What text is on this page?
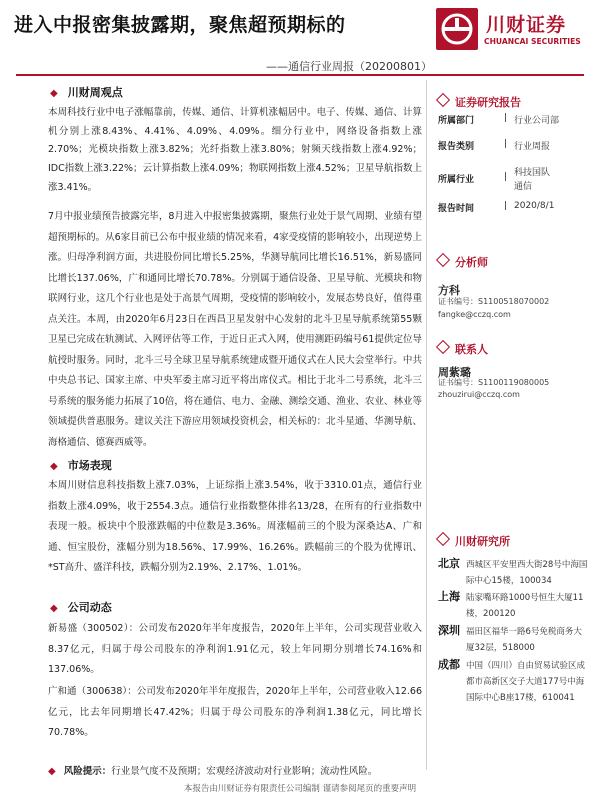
进入中报密集披露期，聚焦超预期标的
——通信行业周报（20200801）
川财证券
CHUANCAI SECURITIES
◆ 川财周观点
本周科技行业中电子涨幅靠前，传媒、通信、计算机涨幅居中。电子、传媒、通信、计算机分别上涨8.43%、4.41%、4.09%、4.09%。细分行业中，网络设备指数上涨2.70%；光模块指数上涨3.82%；光纤指数上涨3.80%；射频天线指数上涨4.92%；IDC指数上涨3.22%；云计算指数上涨4.09%；物联网指数上涨4.52%；卫星导航指数上涨3.41%。
7月中报业绩预告披露完毕，8月进入中报密集披露期，聚焦行业处于景气周期、业绩有望超预期标的。从6家目前已公布中报业绩的情况来看，4家受疫情的影响较小，出现逆势上涨。归母净利润方面，共进股份同比增长5.25%，华测导航同比增长16.51%，新易盛同比增长137.06%，广和通同比增长70.78%。分别属于通信设备、卫星导航、光模块和物联网行业，这几个行业也是处于高景气周期，受疫情的影响较小，发展态势良好，值得重点关注。本周，由2020年6月23日在西昌卫星发射中心发射的北斗卫星导航系统第55颗卫星已完成在轨测试、入网评估等工作，于近日正式入网，使用测距码编号61提供定位导航授时服务。同时，北斗三号全球卫星导航系统建成暨开通仪式在人民大会堂举行。中共中央总书记、国家主席、中央军委主席习近平将出席仪式。相比于北斗二号系统，北斗三号系统的服务能力拓展了10倍，将在通信、电力、金融、测绘交通、渔业、农业、林业等领域提供普惠服务。建议关注下游应用领域投资机会，相关标的：北斗星通、华测导航、海格通信、德赛西威等。
◆ 市场表现
本周川财信息科技指数上涨7.03%，上证综指上涨3.54%，收于3310.01点，通信行业指数上涨4.09%，收于2554.3点。通信行业指数整体排名13/28，在所有的行业指数中表现一般。板块中个股涨跌幅的中位数是3.36%。周涨幅前三的个股为深桑达A、广和通、恒宝股份，涨幅分别为18.56%、17.99%、16.26%。跌幅前三的个股为优博讯、*ST高升、盛洋科技，跌幅分别为2.19%、2.17%、1.01%。
◆ 公司动态
新易盛（300502）：公司发布2020年半年度报告，2020年上半年，公司实现营业收入8.37亿元，归属于母公司股东的净利润1.91亿元，较上年同期分别增长74.16%和137.06%。
广和通（300638）：公司发布2020年半年度报告，2020年上半年，公司营业收入12.66亿元，比去年同期增长47.42%；归属于母公司股东的净利润1.38亿元，同比增长70.78%。
◆ 风险提示：行业景气度不及预期；宏观经济波动对行业影响；流动性风险。
本报告由川财证券有限责任公司编制 谨请参阅尾页的重要声明
证券研究报告
所属部门	| 行业公司部
报告类别	| 行业周报
所属行业	| 科技国队 通信
报告时间	| 2020/8/1
分析师
方科
证书编号：S1100518070002
fangke@cczq.com
联系人
周紫璐
证书编号：S1100119080005
zhouzirui@cczq.com
川财研究所
北京 西城区平安里西大街28号中海国际中心15楼，100034
上海 陆家嘴环路1000号恒生大厦11楼，200120
深圳 福田区福华一路6号免税商务大厦32层，518000
成都 中国（四川）自由贸易试验区成都市高新区交子大道177号中海国际中心B座17楼，610041
